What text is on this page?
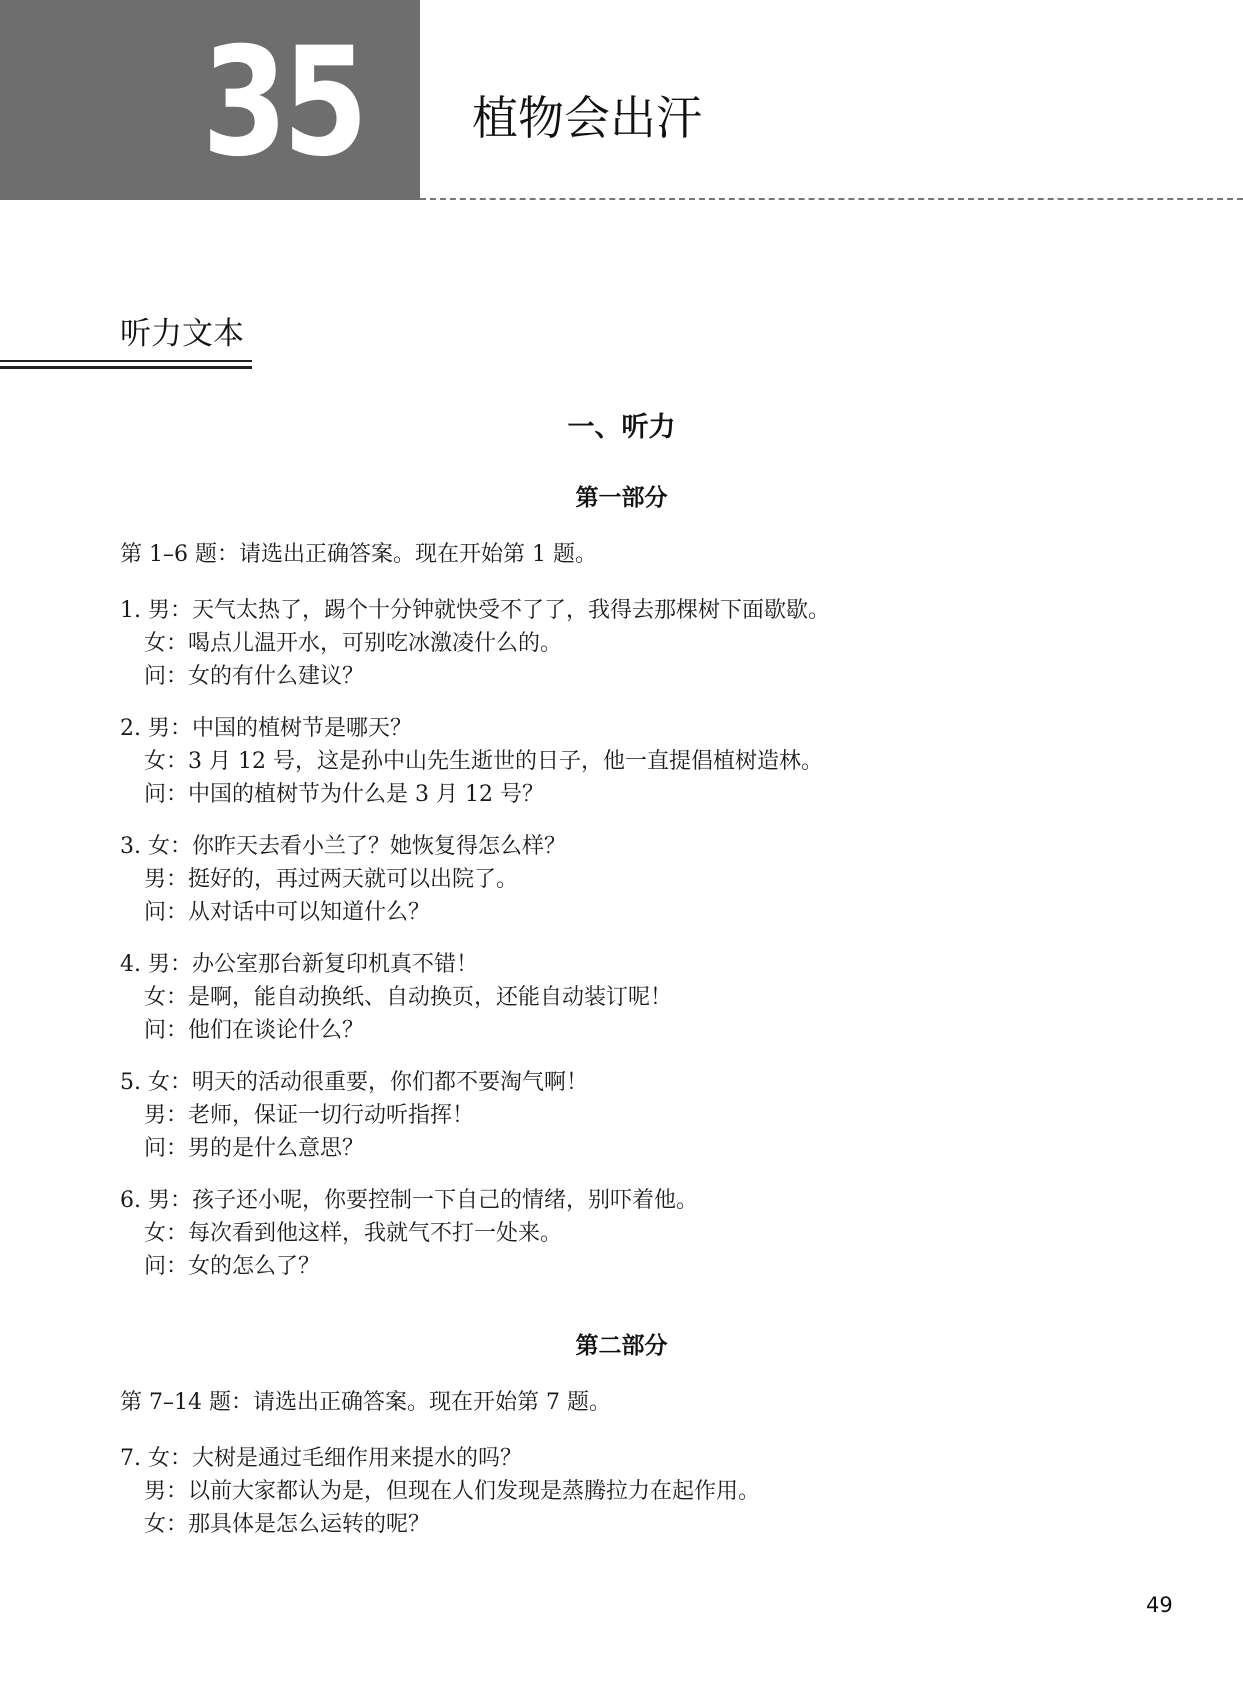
35 植物会出汗
听力文本
一、听力
第一部分
第 1–6 题：请选出正确答案。现在开始第 1 题。
1. 男：天气太热了，踢个十分钟就快受不了了，我得去那棵树下面歇歇。
女：喝点儿温开水，可别吃冰激凌什么的。
问：女的有什么建议？
2. 男：中国的植树节是哪天？
女：3 月 12 号，这是孙中山先生逝世的日子，他一直提倡植树造林。
问：中国的植树节为什么是 3 月 12 号？
3. 女：你昨天去看小兰了？她恢复得怎么样？
男：挺好的，再过两天就可以出院了。
问：从对话中可以知道什么？
4. 男：办公室那台新复印机真不错！
女：是啊，能自动换纸、自动换页，还能自动装订呢！
问：他们在谈论什么？
5. 女：明天的活动很重要，你们都不要淘气啊！
男：老师，保证一切行动听指挥！
问：男的是什么意思？
6. 男：孩子还小呢，你要控制一下自己的情绪，别吓着他。
女：每次看到他这样，我就气不打一处来。
问：女的怎么了？
第二部分
第 7–14 题：请选出正确答案。现在开始第 7 题。
7. 女：大树是通过毛细作用来提水的吗？
男：以前大家都认为是，但现在人们发现是蒸腾拉力在起作用。
女：那具体是怎么运转的呢？
49
